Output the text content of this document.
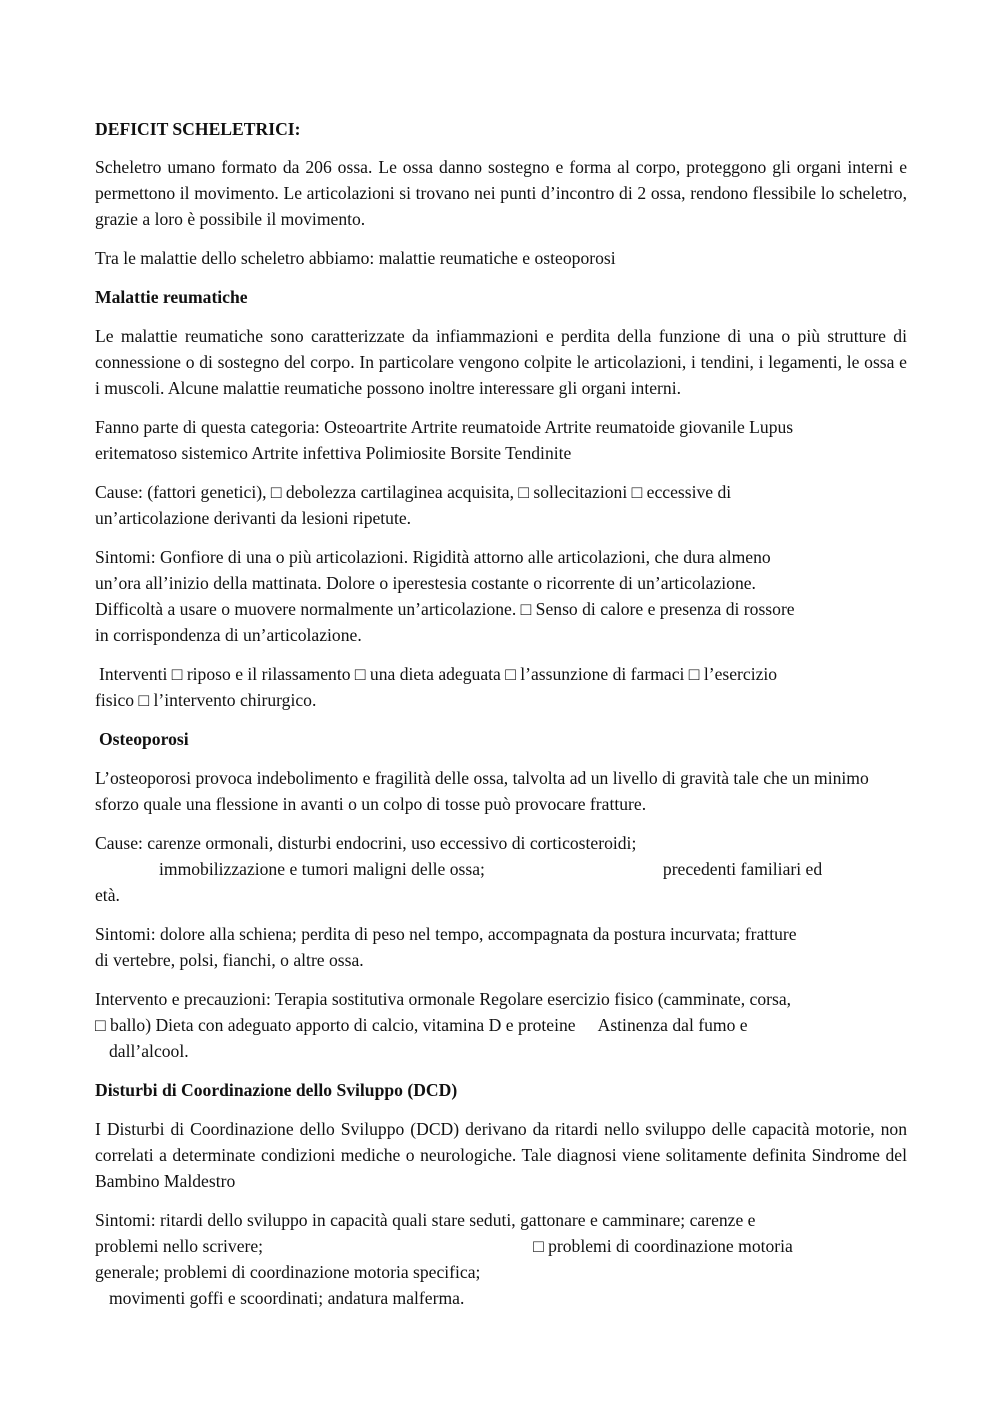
DEFICIT SCHELETRICI:

Scheletro umano formato da 206 ossa. Le ossa danno sostegno e forma al corpo, proteggono gli organi interni e permettono il movimento. Le articolazioni si trovano nei punti d’incontro di 2 ossa, rendono flessibile lo scheletro, grazie a loro è possibile il movimento.

Tra le malattie dello scheletro abbiamo: malattie reumatiche e osteoporosi

Malattie reumatiche

Le malattie reumatiche sono caratterizzate da infiammazioni e perdita della funzione di una o più strutture di connessione o di sostegno del corpo. In particolare vengono colpite le articolazioni, i tendini, i legamenti, le ossa e i muscoli. Alcune malattie reumatiche possono inoltre interessare gli organi interni.

Fanno parte di questa categoria: Osteoartrite Artrite reumatoide Artrite reumatoide giovanile Lupus

eritematoso sistemico Artrite infettiva Polimiosite Borsite Tendinite

Cause: (fattori genetici), □ debolezza cartilaginea acquisita, □ sollecitazioni □ eccessive di

un’articolazione derivanti da lesioni ripetute.

Sintomi: Gonfiore di una o più articolazioni. Rigidità attorno alle articolazioni, che dura almeno

un’ora all’inizio della mattinata. Dolore o iperestesia costante o ricorrente di un’articolazione.

Difficoltà a usare o muovere normalmente un’articolazione. □ Senso di calore e presenza di rossore

in corrispondenza di un’articolazione.

Interventi □ riposo e il rilassamento □ una dieta adeguata □ l’assunzione di farmaci □ l’esercizio

fisico □ l’intervento chirurgico.

Osteoporosi

L’osteoporosi provoca indebolimento e fragilità delle ossa, talvolta ad un livello di gravità tale che un minimo sforzo quale una flessione in avanti o un colpo di tosse può provocare fratture.

Cause: carenze ormonali, disturbi endocrini, uso eccessivo di corticosteroidi;

immobilizzazione e tumori maligni delle ossa;	precedenti familiari ed

età.

Sintomi: dolore alla schiena; perdita di peso nel tempo, accompagnata da postura incurvata; fratture

di vertebre, polsi, fianchi, o altre ossa.

Intervento e precauzioni: Terapia sostitutiva ormonale Regolare esercizio fisico (camminate, corsa,

□ ballo) Dieta con adeguato apporto di calcio, vitamina D e proteine Astinenza dal fumo e

dall’alcool.

Disturbi di Coordinazione dello Sviluppo (DCD)

I Disturbi di Coordinazione dello Sviluppo (DCD) derivano da ritardi nello sviluppo delle capacità motorie, non correlati a determinate condizioni mediche o neurologiche. Tale diagnosi viene solitamente definita Sindrome del Bambino Maldestro

Sintomi: ritardi dello sviluppo in capacità quali stare seduti, gattonare e camminare; carenze e

problemi nello scrivere;	□ problemi di coordinazione motoria

generale; problemi di coordinazione motoria specifica;

movimenti goffi e scoordinati; andatura malferma.
